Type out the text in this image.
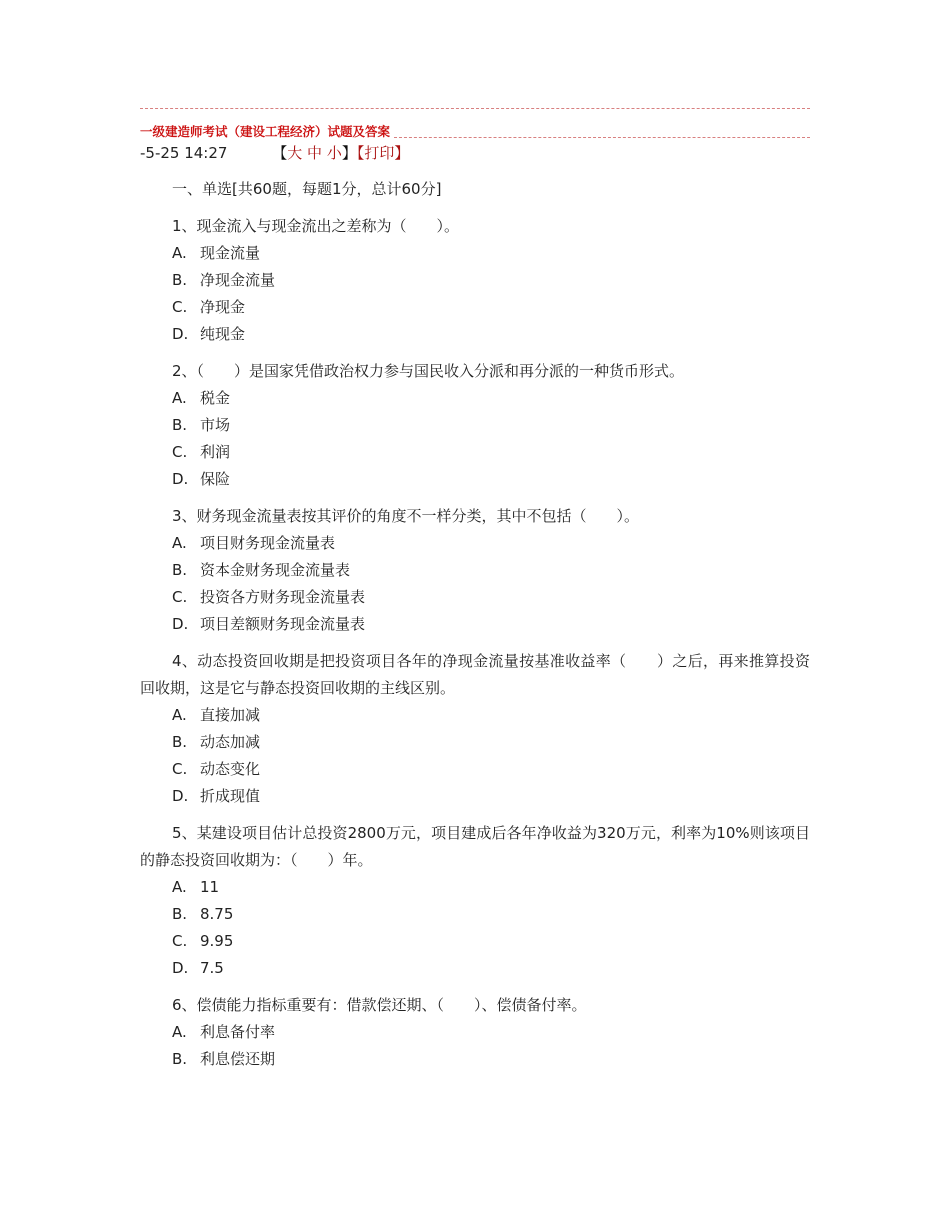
一级建造师考试（建设工程经济）试题及答案
-5-25 14:27	【大 中 小】【打印】
一、单选[共60题，每题1分，总计60分]

1、现金流入与现金流出之差称为（　　）。

A. 现金流量
B. 净现金流量
C. 净现金
D. 纯现金

2、（　　）是国家凭借政治权力参与国民收入分派和再分派的一种货币形式。

A. 税金
B. 市场
C. 利润
D. 保险

3、财务现金流量表按其评价的角度不一样分类，其中不包括（　　）。

A. 项目财务现金流量表
B. 资本金财务现金流量表
C. 投资各方财务现金流量表
D. 项目差额财务现金流量表

4、动态投资回收期是把投资项目各年的净现金流量按基准收益率（　　）之后，再来推算投资回收期，这是它与静态投资回收期的主线区别。

A. 直接加减
B. 动态加减
C. 动态变化
D. 折成现值

5、某建设项目估计总投资2800万元，项目建成后各年净收益为320万元，利率为10%则该项目的静态投资回收期为：（　　）年。

A. 11
B. 8.75
C. 9.95
D. 7.5

6、偿债能力指标重要有：借款偿还期、（　　）、偿债备付率。

A. 利息备付率
B. 利息偿还期
